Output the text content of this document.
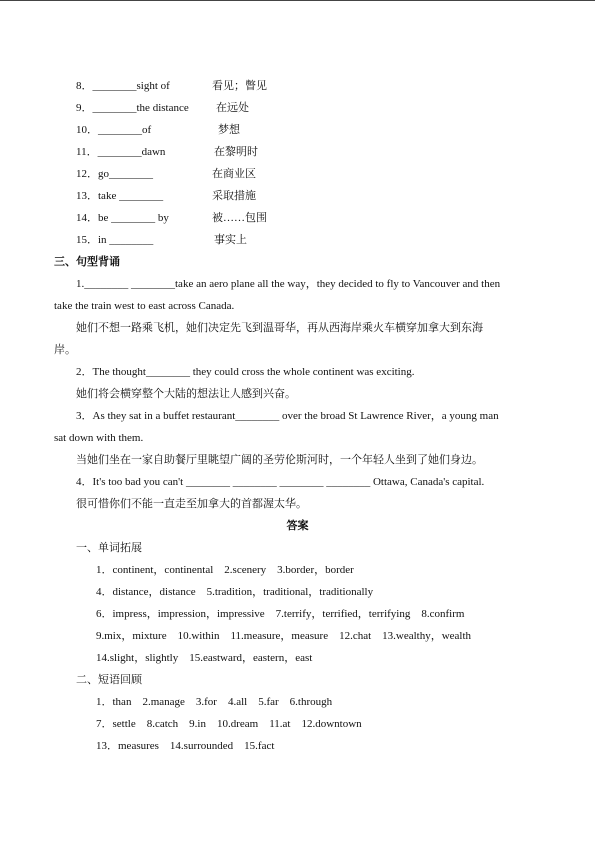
8．________sight of	看见；瞥见
9．________the distance 在远处
10．________of	梦想
11．________dawn	在黎明时
12．go________	在商业区
13．take ________	采取措施
14．be ________ by	被……包围
15．in ________	事实上
三、句型背诵
1.________ ________take an aero plane all the way，they decided to fly to Vancouver and then
take the train west to east across Canada.
她们不想一路乘飞机，她们决定先飞到温哥华，再从西海岸乘火车横穿加拿大到东海
岸。
2．The thought________ they could cross the whole continent was exciting.
她们将会横穿整个大陆的想法让人感到兴奋。
3．As they sat in a buffet restaurant________ over the broad St Lawrence River，a young man
sat down with them.
当她们坐在一家自助餐厅里眺望广阔的圣劳伦斯河时，一个年轻人坐到了她们身边。
4．It's too bad you can't ________ ________ ________ ________ Ottawa, Canada's capital.
很可惜你们不能一直走至加拿大的首都渥太华。
答案
一、单词拓展
1．continent，continental　2.scenery　3.border，border
4．distance，distance　5.tradition，traditional，traditionally
6．impress，impression，impressive　7.terrify，terrified，terrifying　8.confirm
9.mix，mixture　10.within　11.measure，measure　12.chat　13.wealthy，wealth
14.slight，slightly　15.eastward，eastern，east
二、短语回顾
1．than　2.manage　3.for　4.all　5.far　6.through
7．settle　8.catch　9.in　10.dream　11.at　12.downtown
13．measures　14.surrounded　15.fact
